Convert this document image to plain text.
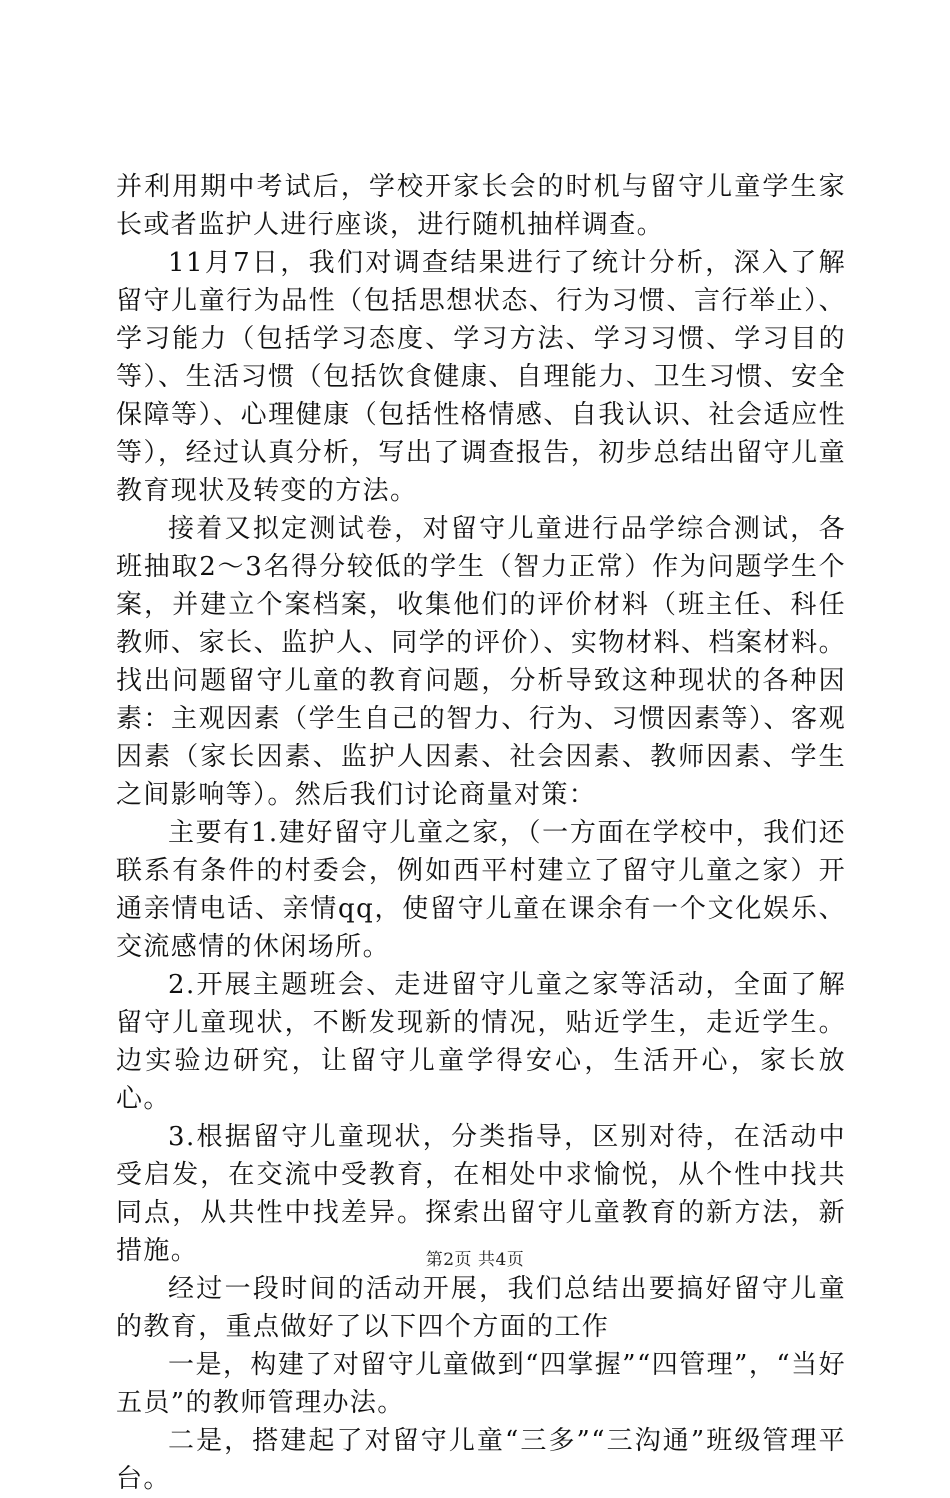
并利用期中考试后，学校开家长会的时机与留守儿童学生家长或者监护人进行座谈，进行随机抽样调查。

11月7日，我们对调查结果进行了统计分析，深入了解留守儿童行为品性（包括思想状态、行为习惯、言行举止）、学习能力（包括学习态度、学习方法、学习习惯、学习目的等）、生活习惯（包括饮食健康、自理能力、卫生习惯、安全保障等）、心理健康（包括性格情感、自我认识、社会适应性等），经过认真分析，写出了调查报告，初步总结出留守儿童教育现状及转变的方法。

接着又拟定测试卷，对留守儿童进行品学综合测试，各班抽取2～3名得分较低的学生（智力正常）作为问题学生个案，并建立个案档案，收集他们的评价材料（班主任、科任教师、家长、监护人、同学的评价）、实物材料、档案材料。找出问题留守儿童的教育问题，分析导致这种现状的各种因素：主观因素（学生自己的智力、行为、习惯因素等）、客观因素（家长因素、监护人因素、社会因素、教师因素、学生之间影响等）。然后我们讨论商量对策：

主要有1.建好留守儿童之家，（一方面在学校中，我们还联系有条件的村委会，例如西平村建立了留守儿童之家）开通亲情电话、亲情qq，使留守儿童在课余有一个文化娱乐、交流感情的休闲场所。

2.开展主题班会、走进留守儿童之家等活动，全面了解留守儿童现状，不断发现新的情况，贴近学生，走近学生。边实验边研究，让留守儿童学得安心，生活开心，家长放心。

3.根据留守儿童现状，分类指导，区别对待，在活动中受启发，在交流中受教育，在相处中求愉悦，从个性中找共同点，从共性中找差异。探索出留守儿童教育的新方法，新措施。

经过一段时间的活动开展，我们总结出要搞好留守儿童的教育，重点做好了以下四个方面的工作

一是，构建了对留守儿童做到“四掌握”“四管理”，“当好五员”的教师管理办法。

二是，搭建起了对留守儿童“三多”“三沟通”班级管理平台。

第2页 共4页
